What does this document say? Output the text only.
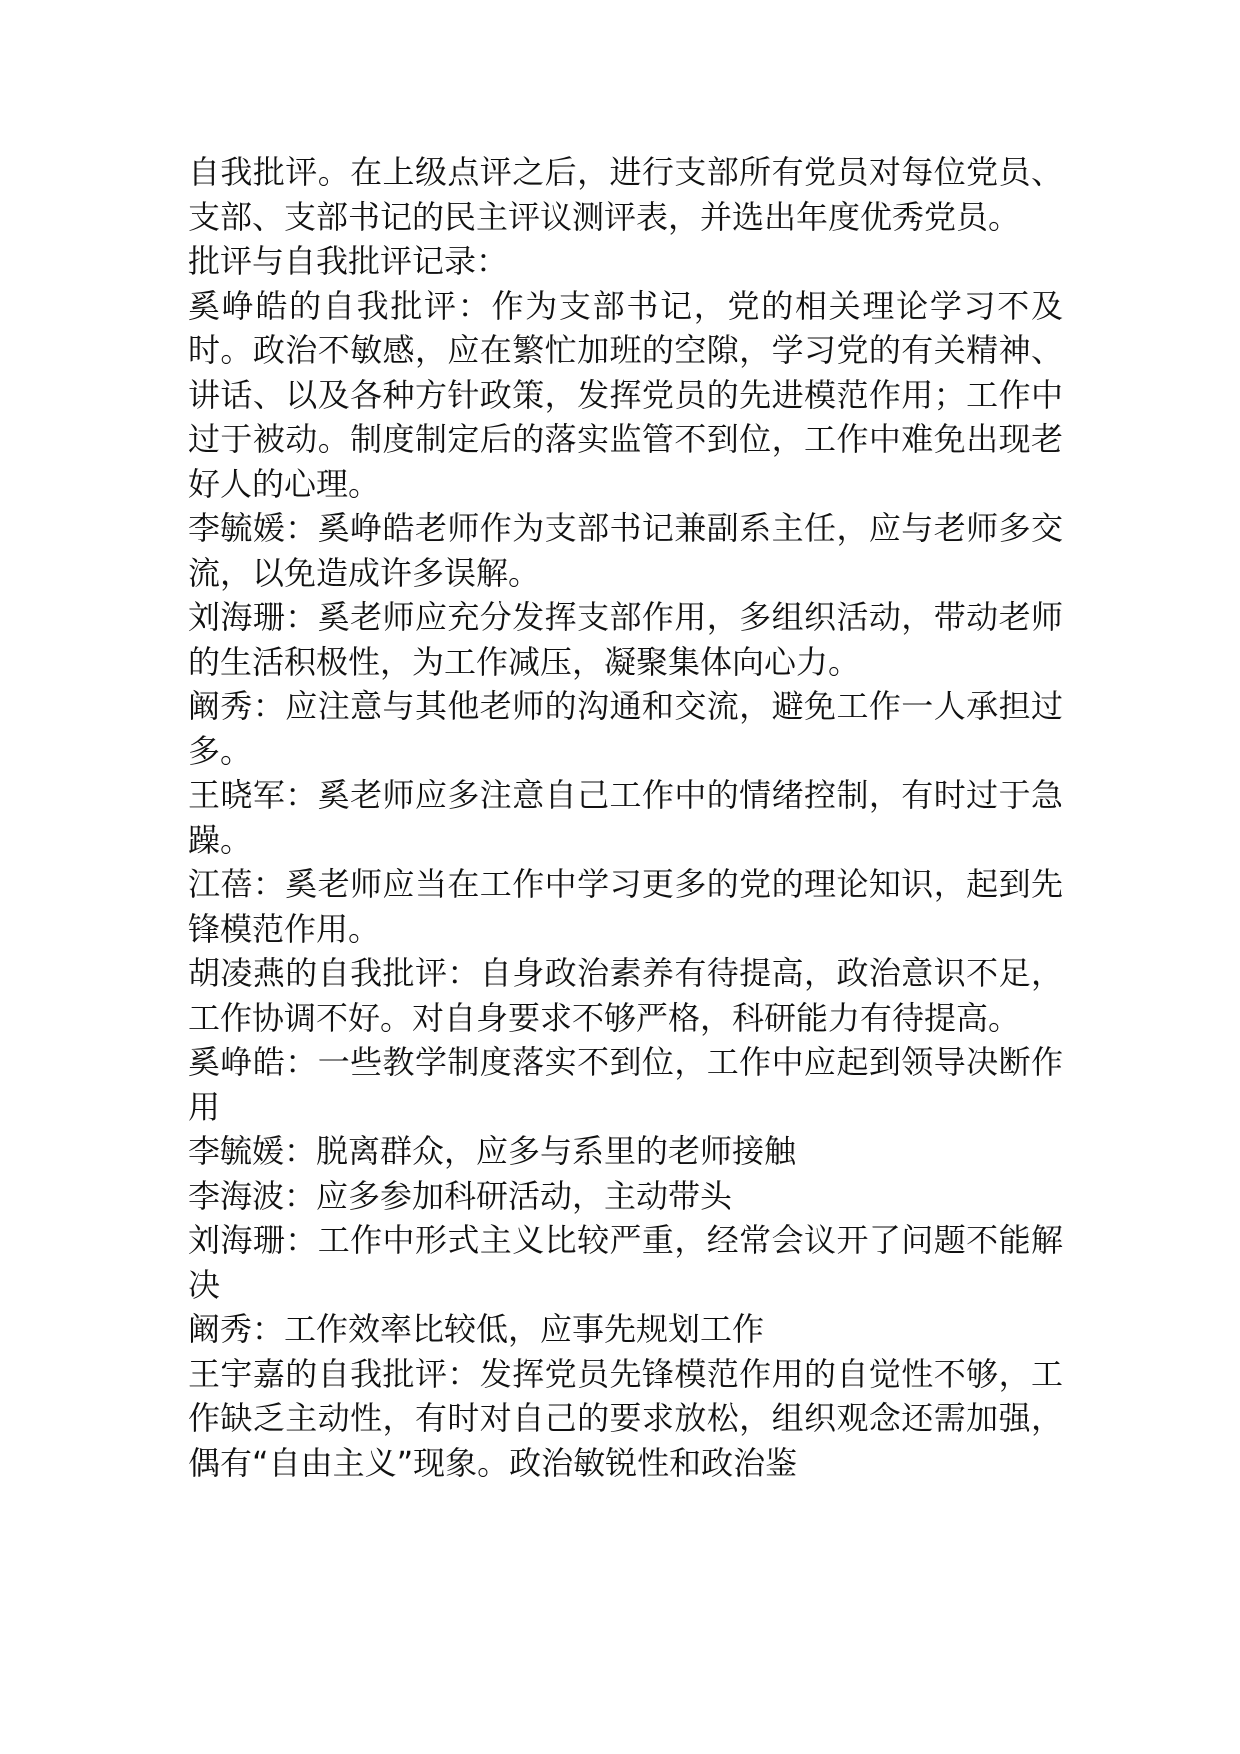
自我批评。在上级点评之后，进行支部所有党员对每位党员、支部、支部书记的民主评议测评表，并选出年度优秀党员。

批评与自我批评记录：

奚峥皓的自我批评：作为支部书记，党的相关理论学习不及时。政治不敏感，应在繁忙加班的空隙，学习党的有关精神、讲话、以及各种方针政策，发挥党员的先进模范作用；工作中过于被动。制度制定后的落实监管不到位，工作中难免出现老好人的心理。

李毓媛：奚峥皓老师作为支部书记兼副系主任，应与老师多交流，以免造成许多误解。

刘海珊：奚老师应充分发挥支部作用，多组织活动，带动老师的生活积极性，为工作减压，凝聚集体向心力。

阚秀：应注意与其他老师的沟通和交流，避免工作一人承担过多。

王晓军：奚老师应多注意自己工作中的情绪控制，有时过于急躁。

江蓓：奚老师应当在工作中学习更多的党的理论知识，起到先锋模范作用。

胡凌燕的自我批评：自身政治素养有待提高，政治意识不足，工作协调不好。对自身要求不够严格，科研能力有待提高。

奚峥皓：一些教学制度落实不到位，工作中应起到领导决断作用

李毓媛：脱离群众，应多与系里的老师接触

李海波：应多参加科研活动，主动带头

刘海珊：工作中形式主义比较严重，经常会议开了问题不能解决

阚秀：工作效率比较低，应事先规划工作

王宇嘉的自我批评：发挥党员先锋模范作用的自觉性不够，工作缺乏主动性，有时对自己的要求放松，组织观念还需加强，偶有“自由主义”现象。政治敏锐性和政治鉴
